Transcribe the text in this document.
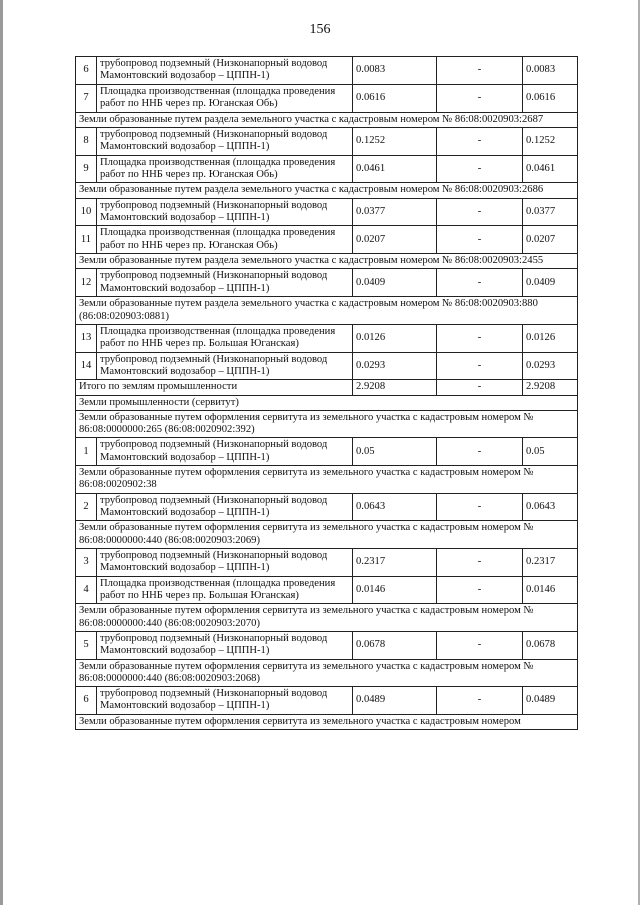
156
6	трубопровод подземный (Низконапорный водовод Мамонтовский водозабор – ЦППН-1)	0.0083	-	0.0083
7	Площадка производственная (площадка проведения работ по ННБ через пр. Юганская Обь)	0.0616	-	0.0616
Земли образованные путем раздела земельного участка с кадастровым номером № 86:08:0020903:2687				
8	трубопровод подземный (Низконапорный водовод Мамонтовский водозабор – ЦППН-1)	0.1252	-	0.1252
9	Площадка производственная (площадка проведения работ по ННБ через пр. Юганская Обь)	0.0461	-	0.0461
Земли образованные путем раздела земельного участка с кадастровым номером № 86:08:0020903:2686				
10	трубопровод подземный (Низконапорный водовод Мамонтовский водозабор – ЦППН-1)	0.0377	-	0.0377
11	Площадка производственная (площадка проведения работ по ННБ через пр. Юганская Обь)	0.0207	-	0.0207
Земли образованные путем раздела земельного участка с кадастровым номером № 86:08:0020903:2455				
12	трубопровод подземный (Низконапорный водовод Мамонтовский водозабор – ЦППН-1)	0.0409	-	0.0409
Земли образованные путем раздела земельного участка с кадастровым номером № 86:08:0020903:880 (86:08:020903:0881)				
13	Площадка производственная (площадка проведения работ по ННБ через пр. Большая Юганская)	0.0126	-	0.0126
14	трубопровод подземный (Низконапорный водовод Мамонтовский водозабор – ЦППН-1)	0.0293	-	0.0293
Итого по землям промышленности		2.9208	-	2.9208
Земли промышленности (сервитут)				
Земли образованные путем оформления сервитута из земельного участка с кадастровым номером № 86:08:0000000:265 (86:08:0020902:392)				
1	трубопровод подземный (Низконапорный водовод Мамонтовский водозабор – ЦППН-1)	0.05	-	0.05
Земли образованные путем оформления сервитута из земельного участка с кадастровым номером № 86:08:0020902:38				
2	трубопровод подземный (Низконапорный водовод Мамонтовский водозабор – ЦППН-1)	0.0643	-	0.0643
Земли образованные путем оформления сервитута из земельного участка с кадастровым номером № 86:08:0000000:440 (86:08:0020903:2069)				
3	трубопровод подземный (Низконапорный водовод Мамонтовский водозабор – ЦППН-1)	0.2317	-	0.2317
4	Площадка производственная (площадка проведения работ по ННБ через пр. Большая Юганская)	0.0146	-	0.0146
Земли образованные путем оформления сервитута из земельного участка с кадастровым номером № 86:08:0000000:440 (86:08:0020903:2070)				
5	трубопровод подземный (Низконапорный водовод Мамонтовский водозабор – ЦППН-1)	0.0678	-	0.0678
Земли образованные путем оформления сервитута из земельного участка с кадастровым номером № 86:08:0000000:440 (86:08:0020903:2068)				
6	трубопровод подземный (Низконапорный водовод Мамонтовский водозабор – ЦППН-1)	0.0489	-	0.0489
Земли образованные путем оформления сервитута из земельного участка с кадастровым номером				
